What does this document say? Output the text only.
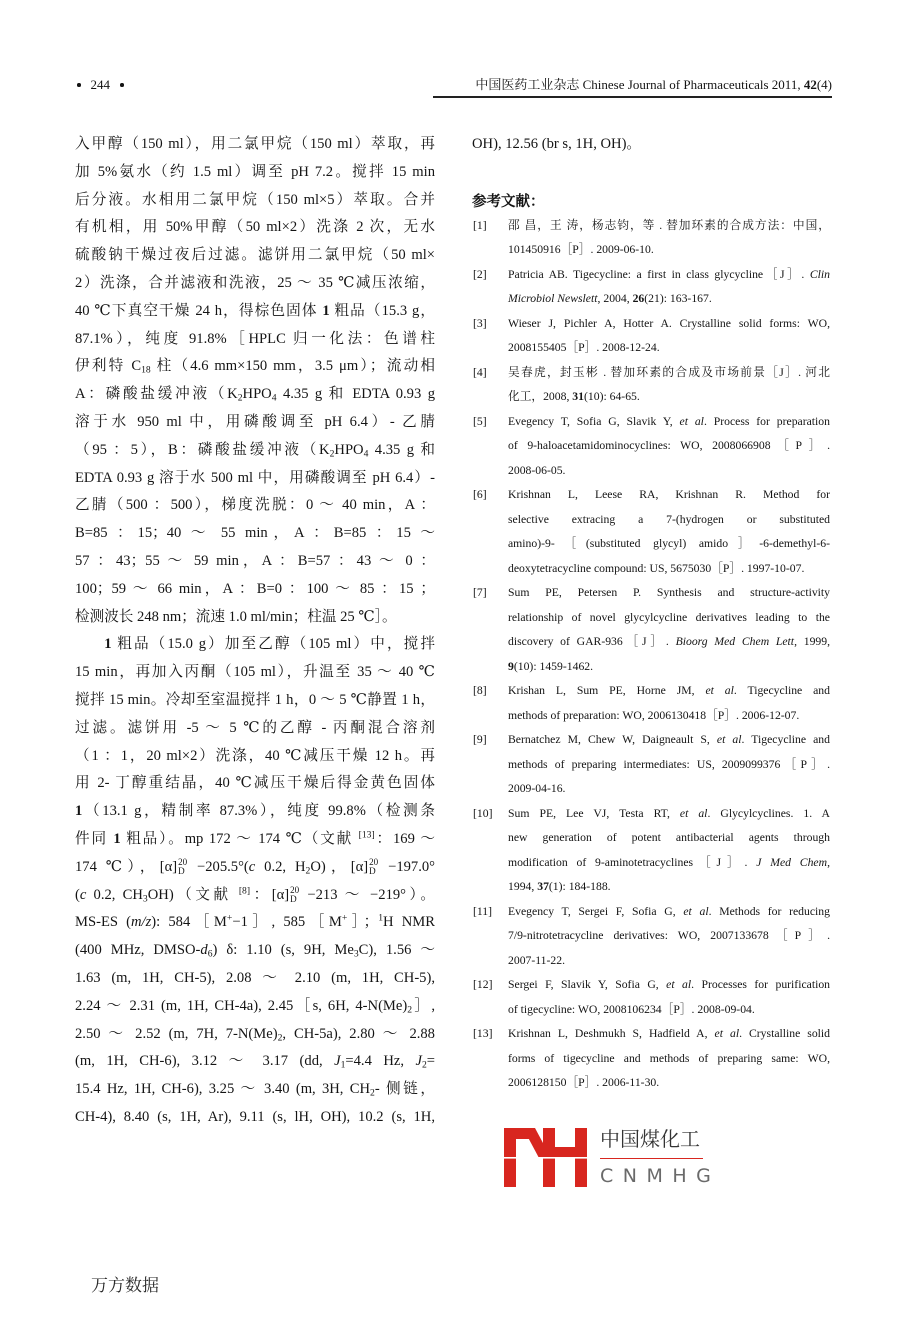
244	中国医药工业杂志 Chinese Journal of Pharmaceuticals 2011, 42(4)
入甲醇（150 ml），用二氯甲烷（150 ml）萃取，再
加 5%氨水（约 1.5 ml）调至 pH 7.2。搅拌 15 min
后分液。水相用二氯甲烷（150 ml×5）萃取。合并
有机相，用 50%甲醇（50 ml×2）洗涤 2 次，无水
硫酸钠干燥过夜后过滤。滤饼用二氯甲烷（50 ml×
2）洗涤，合并滤液和洗液，25 ～ 35 ℃减压浓缩，
40 ℃下真空干燥 24 h，得棕色固体 1 粗品（15.3 g，
87.1%），纯度 91.8%［HPLC 归一化法：色谱柱
伊利特 C18 柱（4.6 mm×150 mm，3.5 μm）；流动相
A：磷酸盐缓冲液（K2HPO4 4.35 g 和 EDTA 0.93 g
溶于水 950 ml 中，用磷酸调至 pH 6.4）- 乙腈
（95 ：5），B：磷酸盐缓冲液（K2HPO4 4.35 g 和
EDTA 0.93 g 溶于水 500 ml 中，用磷酸调至 pH 6.4）-
乙腈（500 ：500），梯度洗脱：0 ～ 40 min，A ：
B=85 ：15；40 ～ 55 min，A ：B=85 ：15 ～
57 ：43；55 ～ 59 min，A ：B=57 ：43 ～ 0 ：
100；59 ～ 66 min，A ：B=0 ：100 ～ 85 ：15 ；
检测波长 248 nm；流速 1.0 ml/min；柱温 25 ℃］。
1 粗品（15.0 g）加至乙醇（105 ml）中，搅拌
15 min，再加入丙酮（105 ml），升温至 35 ～ 40 ℃
搅拌 15 min。冷却至室温搅拌 1 h，0 ～ 5 ℃静置 1 h，
过滤。滤饼用 -5 ～ 5 ℃的乙醇 - 丙酮混合溶剂
（1 ：1，20 ml×2）洗涤，40 ℃减压干燥 12 h。再
用 2- 丁醇重结晶，40 ℃减压干燥后得金黄色固体
1（13.1 g，精制率 87.3%），纯度 99.8%（检测条
件同 1 粗品）。mp 172 ～ 174 ℃（文献 [13]：169 ～
174 ℃），[α] 20
D −205.5°(c 0.2, H2O)，[α] 20
D −197.0°
(c 0.2, CH3OH)（文献 [8]：[α] 20
D −213 ～ −219°）。
MS-ES (m/z): 584［M+−1］, 585［M+］；$^1$H NMR
(400 MHz, DMSO-d6) δ: 1.10 (s, 9H, Me3C), 1.56 ～
1.63 (m, 1H, CH-5), 2.08 ～ 2.10 (m, 1H, CH-5),
2.24 ～ 2.31 (m, 1H, CH-4a), 2.45［s, 6H, 4-N(Me)2］,
2.50 ～ 2.52 (m, 7H, 7-N(Me)2, CH-5a), 2.80 ～ 2.88
(m, 1H, CH-6), 3.12 ～ 3.17 (dd, J1=4.4 Hz, J2=
15.4 Hz, 1H, CH-6), 3.25 ～ 3.40 (m, 3H, CH2- 侧链，
CH-4), 8.40 (s, 1H, Ar), 9.11 (s, lH, OH), 10.2 (s, 1H,
OH), 12.56 (br s, 1H, OH)。
参考文献：
[1] 邵 昌，王 涛，杨志钧，等 . 替加环素的合成方法：中国，
101450916［P］. 2009-06-10.
[2] Patricia AB. Tigecycline: a first in class glycycline［J］. Clin
Microbiol Newslett, 2004, 26(21): 163-167.
[3] Wieser J, Pichler A, Hotter A. Crystalline solid forms: WO,
2008155405［P］. 2008-12-24.
[4] 吴春虎，封玉彬 . 替加环素的合成及市场前景［J］. 河北
化工，2008, 31(10): 64-65.
[5] Evegency T, Sofia G, Slavik Y, et al. Process for preparation
of 9-haloacetamidominocyclines: WO, 2008066908［P］.
2008-06-05.
[6] Krishnan L, Leese RA, Krishnan R. Method for
selective extracing a 7-(hydrogen or substituted
amino)-9-［(substituted glycyl) amido］-6-demethyl-6-
deoxytetracycline compound: US, 5675030［P］. 1997-10-07.
[7] Sum PE, Petersen P. Synthesis and structure-activity
relationship of novel glycylcycline derivatives leading to the
discovery of GAR-936［J］. Bioorg Med Chem Lett, 1999,
9(10): 1459-1462.
[8] Krishan L, Sum PE, Horne JM, et al. Tigecycline and
methods of preparation: WO, 2006130418［P］. 2006-12-07.
[9] Bernatchez M, Chew W, Daigneault S, et al. Tigecycline and
methods of preparing intermediates: US, 2009099376［P］.
2009-04-16.
[10] Sum PE, Lee VJ, Testa RT, et al. Glycylcyclines. 1. A
new generation of potent antibacterial agents through
modification of 9-aminotetracyclines［J］. J Med Chem,
1994, 37(1): 184-188.
[11] Evegency T, Sergei F, Sofia G, et al. Methods for reducing
7/9-nitrotetracycline derivatives: WO, 2007133678［P］.
2007-11-22.
[12] Sergei F, Slavik Y, Sofia G, et al. Processes for purification
of tigecycline: WO, 2008106234［P］. 2008-09-04.
[13] Krishnan L, Deshmukh S, Hadfield A, et al. Crystalline solid
forms of tigecycline and methods of preparing same: WO,
2006128150［P］. 2006-11-30.
中国煤化工
CNMHG
万方数据
